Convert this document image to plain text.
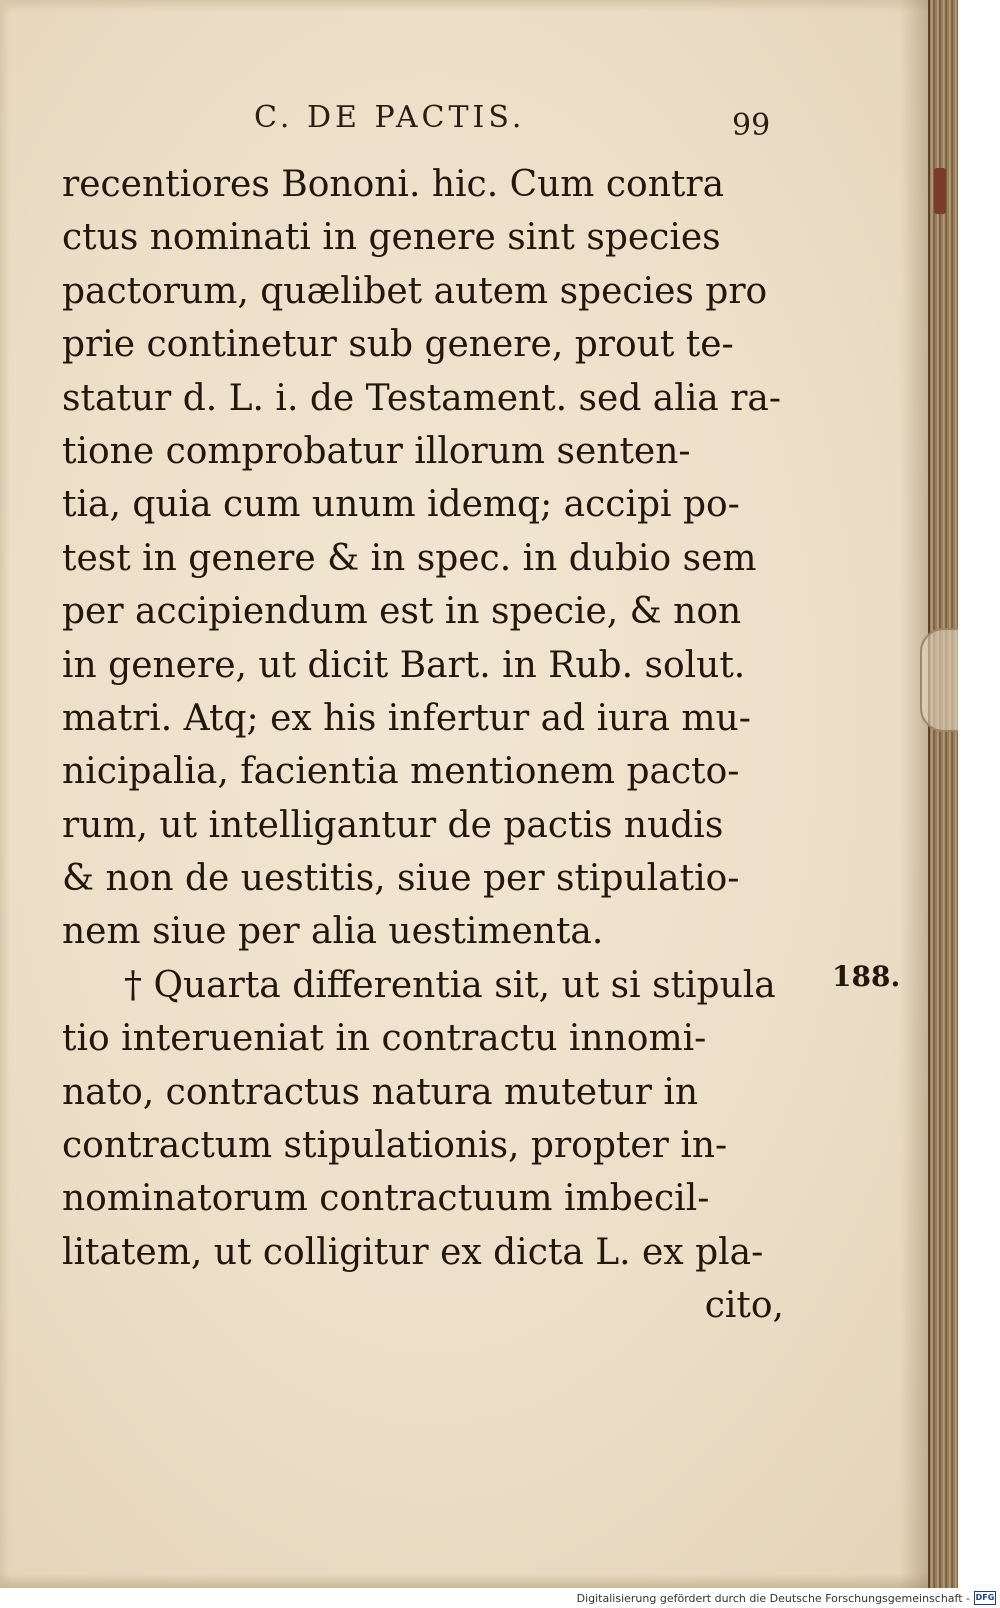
C. DE PACTIS.	99
recentiores Bononi. hic. Cum contra
ctus nominati in genere sint species
pactorum, quælibet autem species pro
prie continetur sub genere, prout te-
statur d. L. i. de Testament. sed alia ra-
tione comprobatur illorum senten-
tia, quia cum unum idemq; accipi po-
test in genere & in spec. in dubio sem
per accipiendum est in specie, & non
in genere, ut dicit Bart. in Rub. solut.
matri. Atq; ex his infertur ad iura mu-
nicipalia, facientia mentionem pacto-
rum, ut intelligantur de pactis nudis
& non de uestitis, siue per stipulatio-
nem siue per alia uestimenta.
† Quarta differentia sit, ut si stipula
tio interueniat in contractu innomi-
nato, contractus natura mutetur in
contractum stipulationis, propter in-
nominatorum contractuum imbecil-
litatem, ut colligitur ex dicta L. ex pla-
cito,
188.
Digitalisierung gefördert durch die Deutsche Forschungsgemeinschaft - DFG
